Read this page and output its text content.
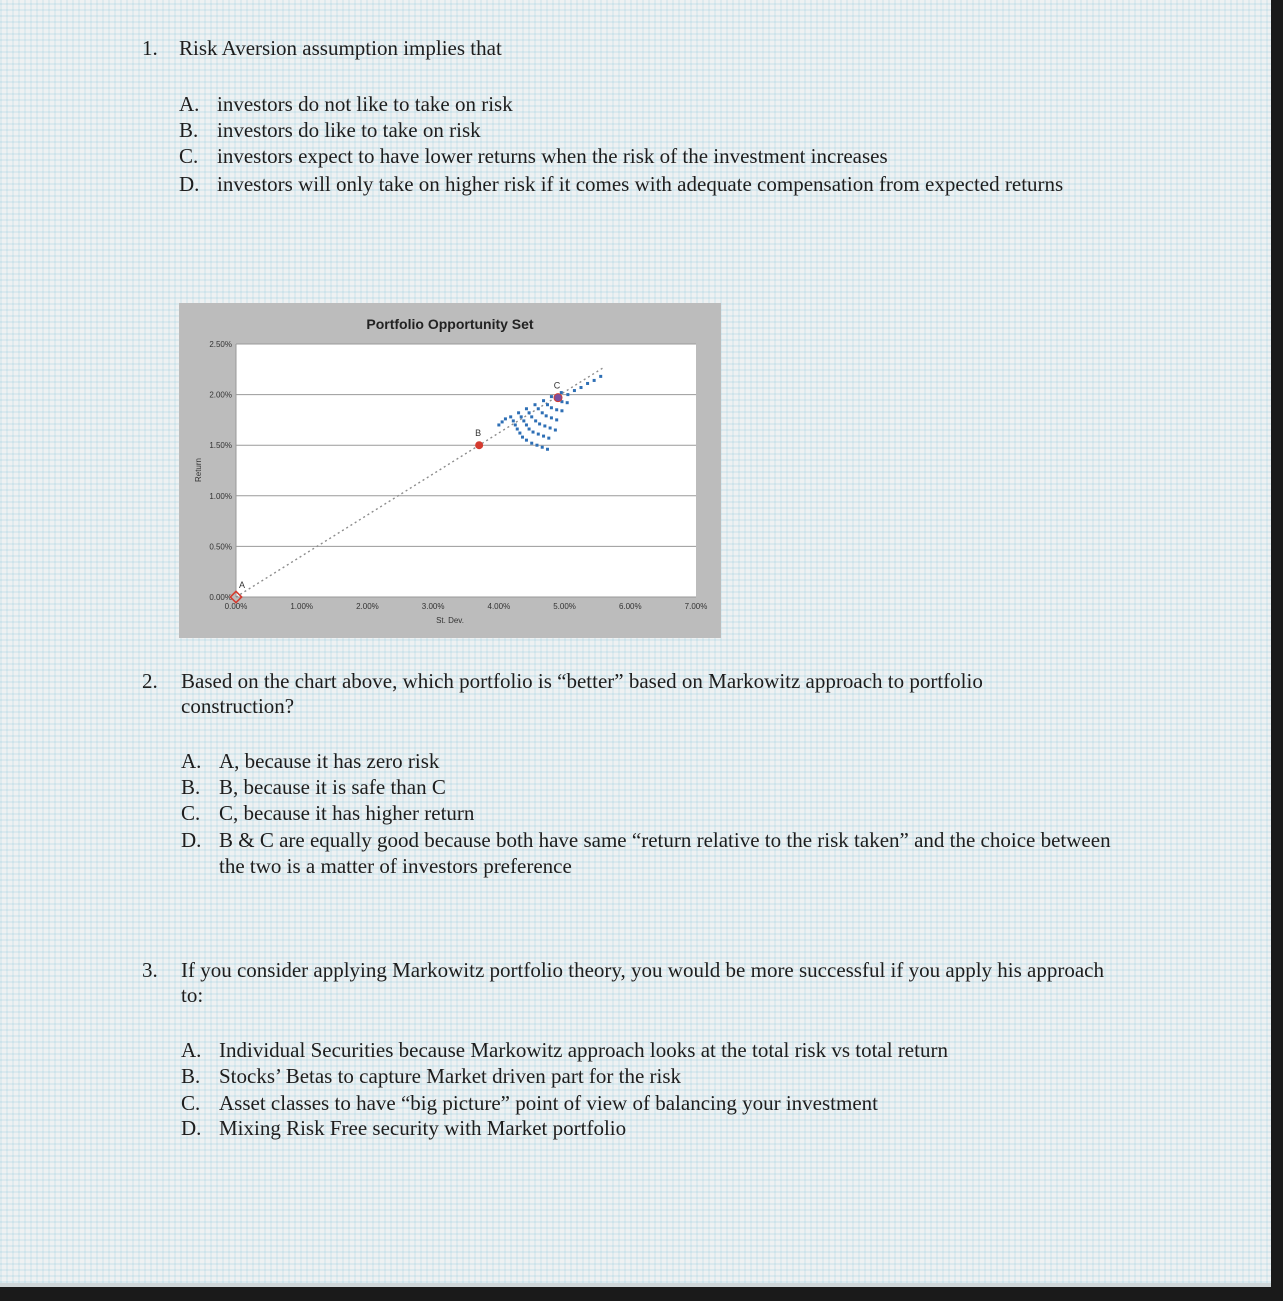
1. Risk Aversion assumption implies that
A. investors do not like to take on risk
B. investors do like to take on risk
C. investors expect to have lower returns when the risk of the investment increases
D. investors will only take on higher risk if it comes with adequate compensation from expected returns
Portfolio Opportunity Set
St. Dev.
Return
0.00%
0.50%
1.00%
1.50%
2.00%
2.50%
0.00%	1.00%	2.00%	3.00%	4.00%	5.00%	6.00%	7.00%
A
B
C
2. Based on the chart above, which portfolio is “better” based on Markowitz approach to portfolio construction?
A. A, because it has zero risk
B. B, because it is safe than C
C. C, because it has higher return
D. B & C are equally good because both have same “return relative to the risk taken” and the choice between the two is a matter of investors preference
3. If you consider applying Markowitz portfolio theory, you would be more successful if you apply his approach to:
A. Individual Securities because Markowitz approach looks at the total risk vs total return
B. Stocks’ Betas to capture Market driven part for the risk
C. Asset classes to have “big picture” point of view of balancing your investment
D. Mixing Risk Free security with Market portfolio
